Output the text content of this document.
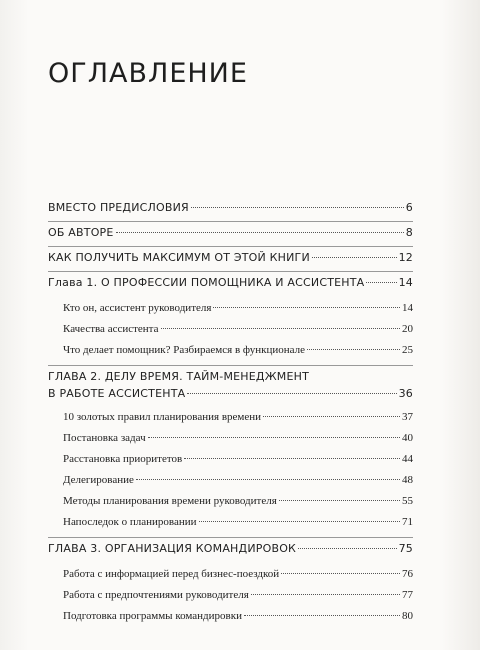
ОГЛАВЛЕНИЕ
ВМЕСТО ПРЕДИСЛОВИЯ	6
ОБ АВТОРЕ	8
КАК ПОЛУЧИТЬ МАКСИМУМ ОТ ЭТОЙ КНИГИ	12
Глава 1. О ПРОФЕССИИ ПОМОЩНИКА И АССИСТЕНТА	14
Кто он, ассистент руководителя	14
Качества ассистента	20
Что делает помощник? Разбираемся в функционале	25
ГЛАВА 2. ДЕЛУ ВРЕМЯ. ТАЙМ-МЕНЕДЖМЕНТ
В РАБОТЕ АССИСТЕНТА	36
10 золотых правил планирования времени	37
Постановка задач	40
Расстановка приоритетов	44
Делегирование	48
Методы планирования времени руководителя	55
Напоследок о планировании	71
ГЛАВА 3. ОРГАНИЗАЦИЯ КОМАНДИРОВОК	75
Работа с информацией перед бизнес-поездкой	76
Работа с предпочтениями руководителя	77
Подготовка программы командировки	80
